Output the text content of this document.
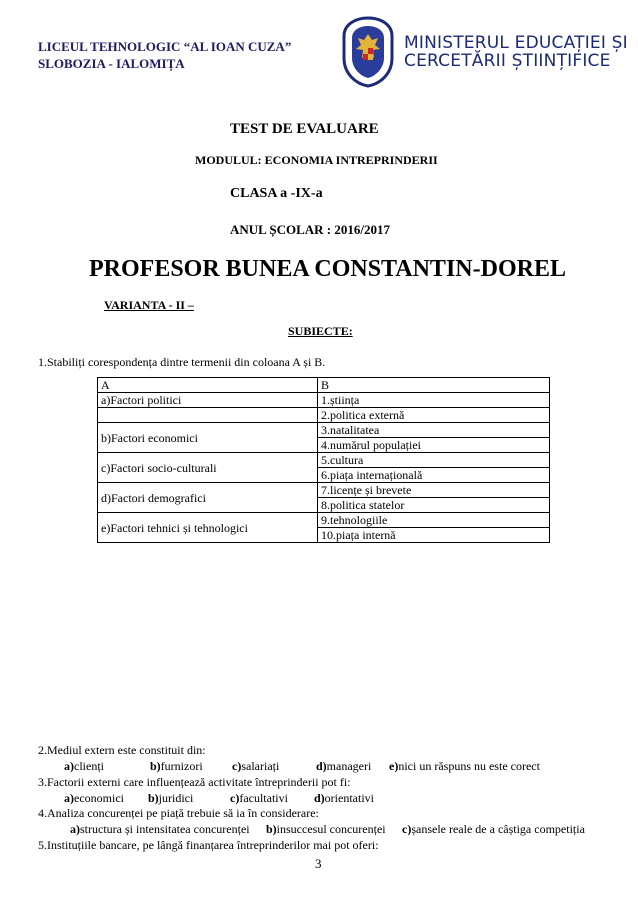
LICEUL TEHNOLOGIC “AL IOAN CUZA”
SLOBOZIA - IALOMIȚA
MINISTERUL EDUCAȚIEI ȘI
CERCETĂRII ȘTIINȚIFICE
TEST DE EVALUARE
MODULUL: ECONOMIA INTREPRINDERII
CLASA a -IX-a
ANUL ȘCOLAR : 2016/2017
PROFESOR BUNEA CONSTANTIN-DOREL
VARIANTA - II –
SUBIECTE:
1.Stabiliți corespondența dintre termenii din coloana A și B.
A	B
a)Factori politici	1.știința
	2.politica externă
b)Factori economici	3.natalitatea
	4.numărul populației
c)Factori socio-culturali	5.cultura
	6.piața internațională
d)Factori demografici	7.licențe și brevete
	8.politica statelor
e)Factori tehnici și tehnologici	9.tehnologiile
	10.piața internă
2.Mediul extern este constituit din:
a)clienți	b)furnizori c)salariați	d)manageri e)nici un răspuns nu este corect
3.Factorii externi care influențează activitate întreprinderii pot fi:
a)economici b)juridici	c)facultativi d)orientativi
4.Analiza concurenței pe piață trebuie să ia în considerare:
a)structura și intensitatea concurenței b)insuccesul concurenței c)șansele reale de a câștiga competiția
5.Instituțiile bancare, pe lângă finanțarea întreprinderilor mai pot oferi:
3
